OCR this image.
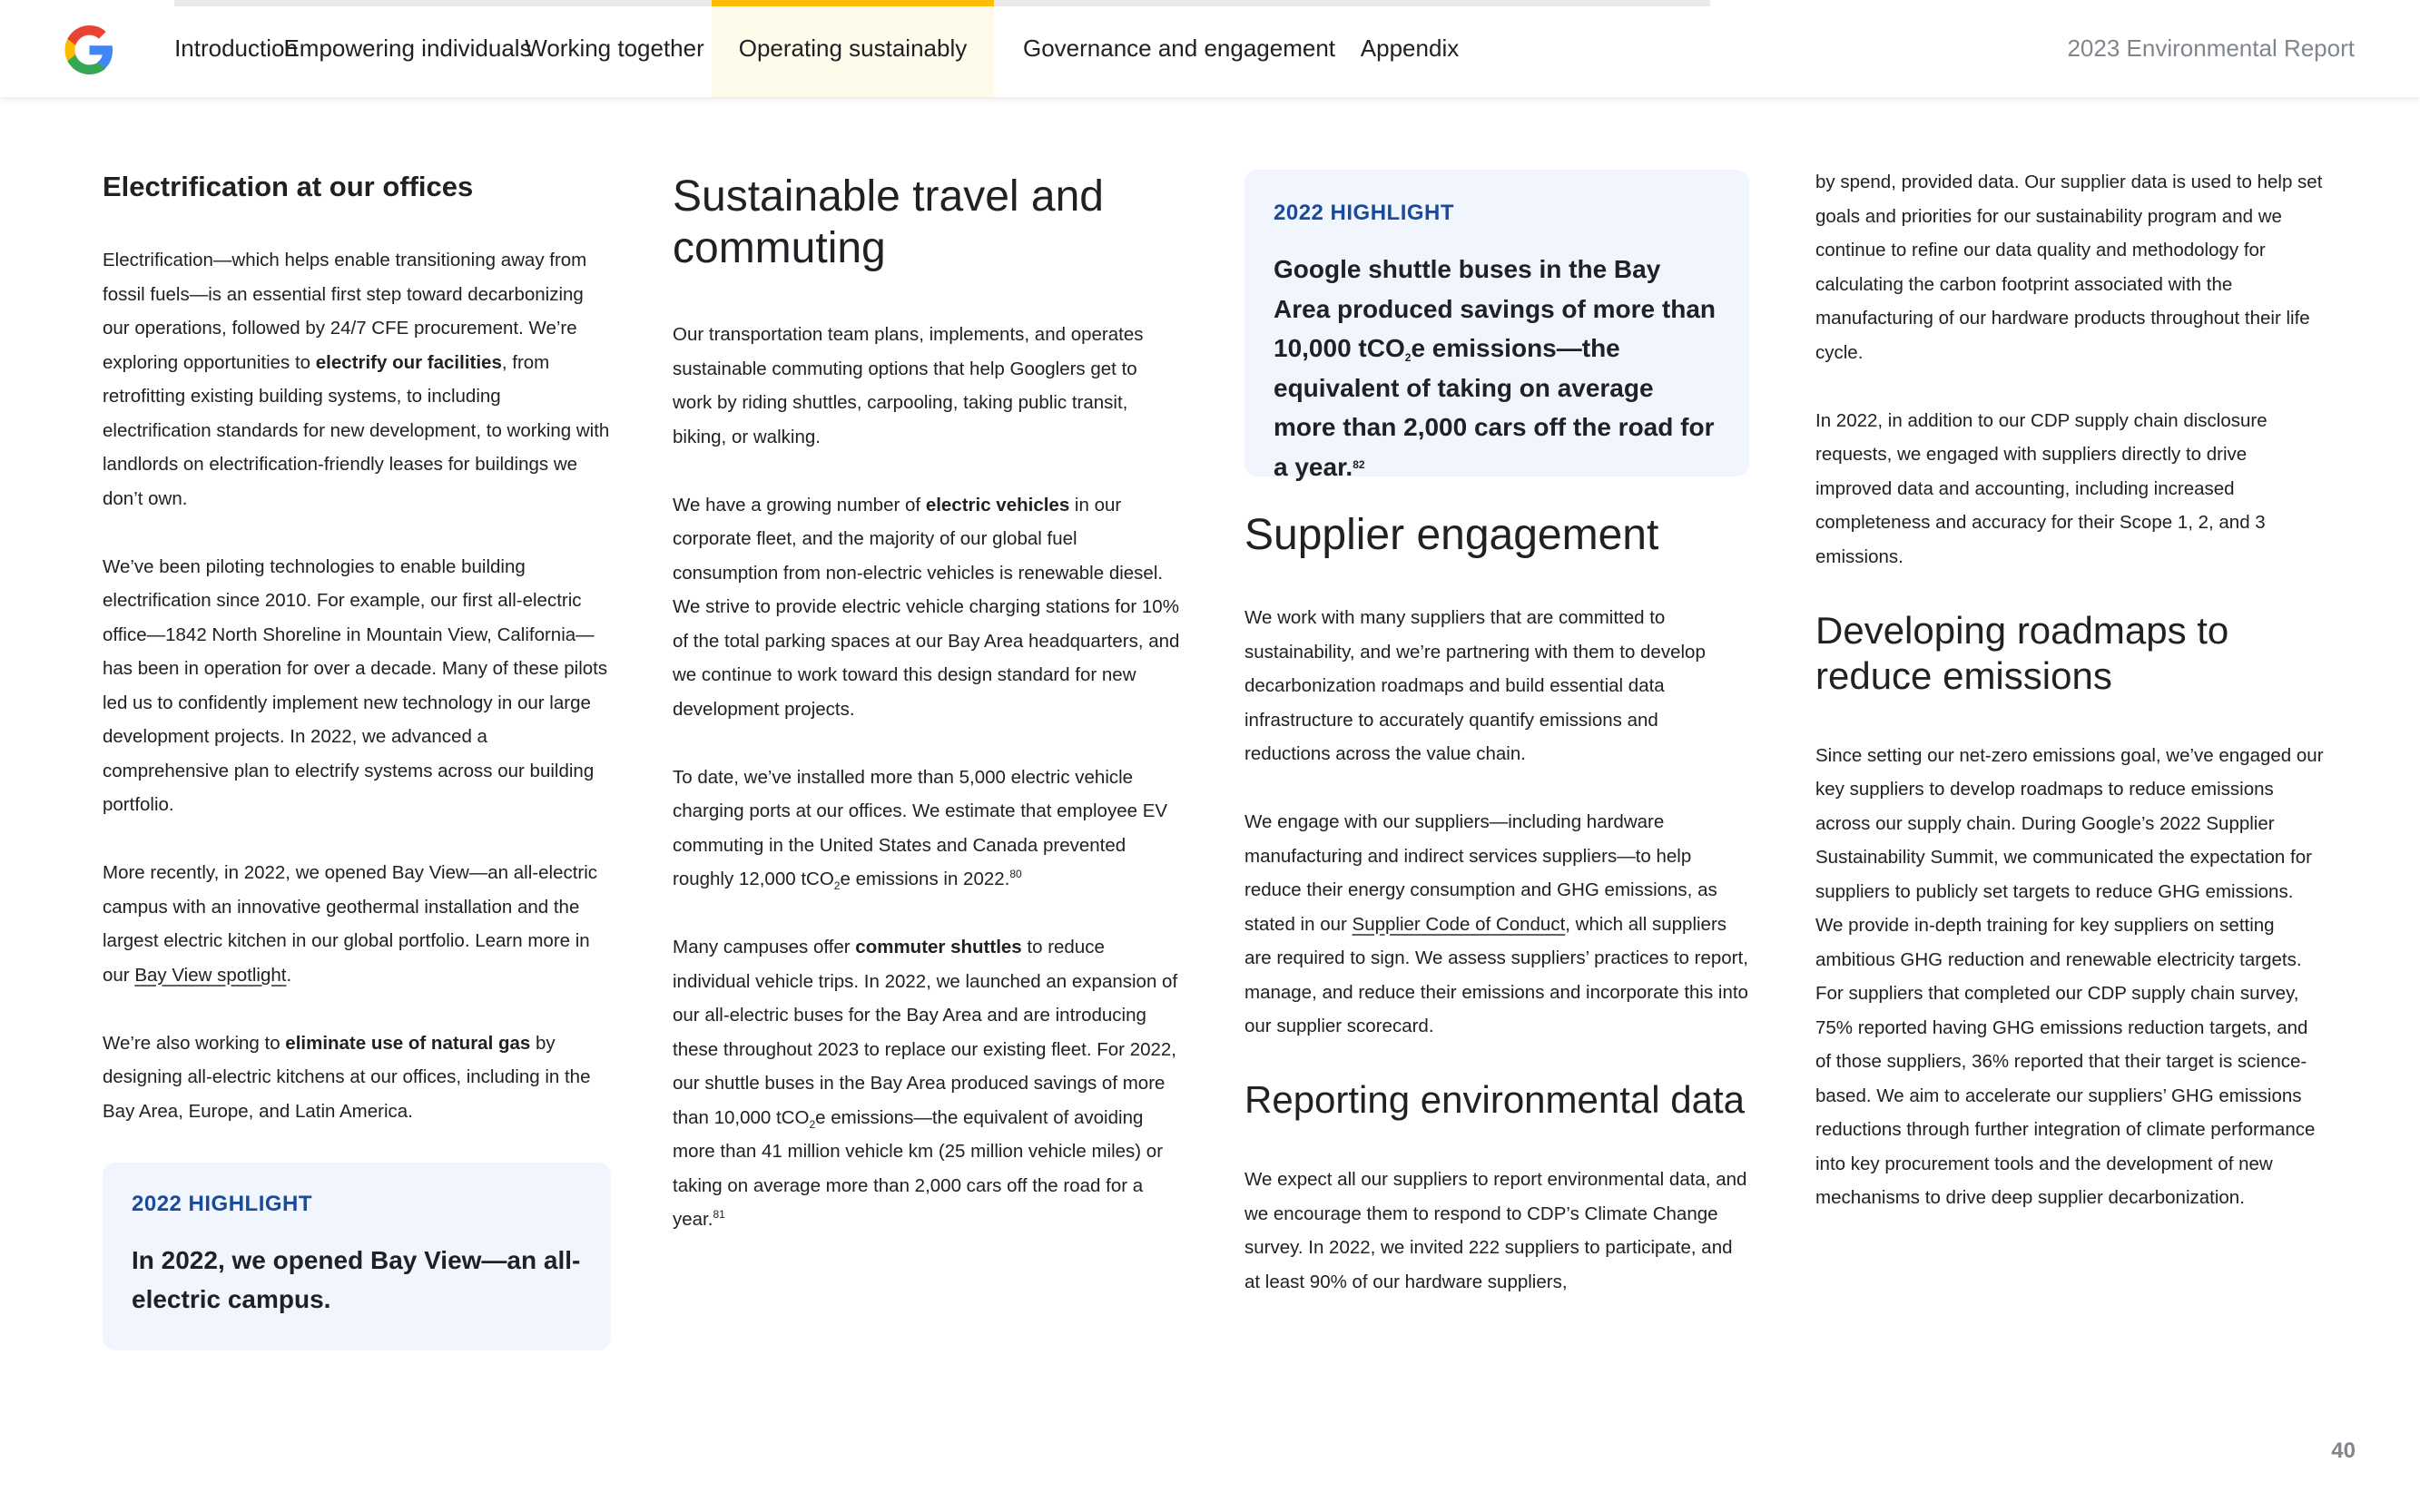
Introduction
Empowering individuals
Working together	Operating sustainably	Governance and engagement	Appendix	2023 Environmental Report
Electrification at our offices

Electrification—which helps enable transitioning away from fossil fuels—is an essential first step toward decarbonizing our operations, followed by 24/7 CFE procurement. We’re exploring opportunities to electrify our facilities, from retrofitting existing building systems, to including electrification standards for new development, to working with landlords on electrification-friendly leases for buildings we don’t own.

We’ve been piloting technologies to enable building electrification since 2010. For example, our first all-electric office—1842 North Shoreline in Mountain View, California—has been in operation for over a decade. Many of these pilots led us to confidently implement new technology in our large development projects. In 2022, we advanced a comprehensive plan to electrify systems across our building portfolio.

More recently, in 2022, we opened Bay View—an all-electric campus with an innovative geothermal installation and the largest electric kitchen in our global portfolio. Learn more in our Bay View spotlight.

We’re also working to eliminate use of natural gas by designing all-electric kitchens at our offices, including in the Bay Area, Europe, and Latin America.

2022 HIGHLIGHT
In 2022, we opened Bay View—an all-electric campus.
Sustainable travel and commuting

Our transportation team plans, implements, and operates sustainable commuting options that help Googlers get to work by riding shuttles, carpooling, taking public transit, biking, or walking.

We have a growing number of electric vehicles in our corporate fleet, and the majority of our global fuel consumption from non-electric vehicles is renewable diesel. We strive to provide electric vehicle charging stations for 10% of the total parking spaces at our Bay Area headquarters, and we continue to work toward this design standard for new development projects.

To date, we’ve installed more than 5,000 electric vehicle charging ports at our offices. We estimate that employee EV commuting in the United States and Canada prevented roughly 12,000 tCO$_2$e emissions in 2022.80

Many campuses offer commuter shuttles to reduce individual vehicle trips. In 2022, we launched an expansion of our all-electric buses for the Bay Area and are introducing these throughout 2023 to replace our existing fleet. For 2022, our shuttle buses in the Bay Area produced savings of more than 10,000 tCO$_2$e emissions—the equivalent of avoiding more than 41 million vehicle km (25 million vehicle miles) or taking on average more than 2,000 cars off the road for a year.$^{81}$

2022 HIGHLIGHT
Google shuttle buses in the Bay Area produced savings of more than 10,000 tCO$_2$e emissions—the equivalent of taking on average more than 2,000 cars off the road for a year.$^{82}$
Supplier engagement

We work with many suppliers that are committed to sustainability, and we’re partnering with them to develop decarbonization roadmaps and build essential data infrastructure to accurately quantify emissions and reductions across the value chain.

We engage with our suppliers—including hardware manufacturing and indirect services suppliers—to help reduce their energy consumption and GHG emissions, as stated in our Supplier Code of Conduct, which all suppliers are required to sign. We assess suppliers’ practices to report, manage, and reduce their emissions and incorporate this into our supplier scorecard.

Reporting environmental data

We expect all our suppliers to report environmental data, and we encourage them to respond to CDP’s Climate Change survey. In 2022, we invited 222 suppliers to participate, and at least 90% of our hardware suppliers,

by spend, provided data. Our supplier data is used to help set goals and priorities for our sustainability program and we continue to refine our data quality and methodology for calculating the carbon footprint associated with the manufacturing of our hardware products throughout their life cycle.

In 2022, in addition to our CDP supply chain disclosure requests, we engaged with suppliers directly to drive improved data and accounting, including increased completeness and accuracy for their Scope 1, 2, and 3 emissions.

Developing roadmaps to reduce emissions

Since setting our net-zero emissions goal, we’ve engaged our key suppliers to develop roadmaps to reduce emissions across our supply chain. During Google’s 2022 Supplier Sustainability Summit, we communicated the expectation for suppliers to publicly set targets to reduce GHG emissions. We provide in-depth training for key suppliers on setting ambitious GHG reduction and renewable electricity targets. For suppliers that completed our CDP supply chain survey, 75% reported having GHG emissions reduction targets, and of those suppliers, 36% reported that their target is science-based. We aim to accelerate our suppliers’ GHG emissions reductions through further integration of climate performance into key procurement tools and the development of new mechanisms to drive deep supplier decarbonization.

40
